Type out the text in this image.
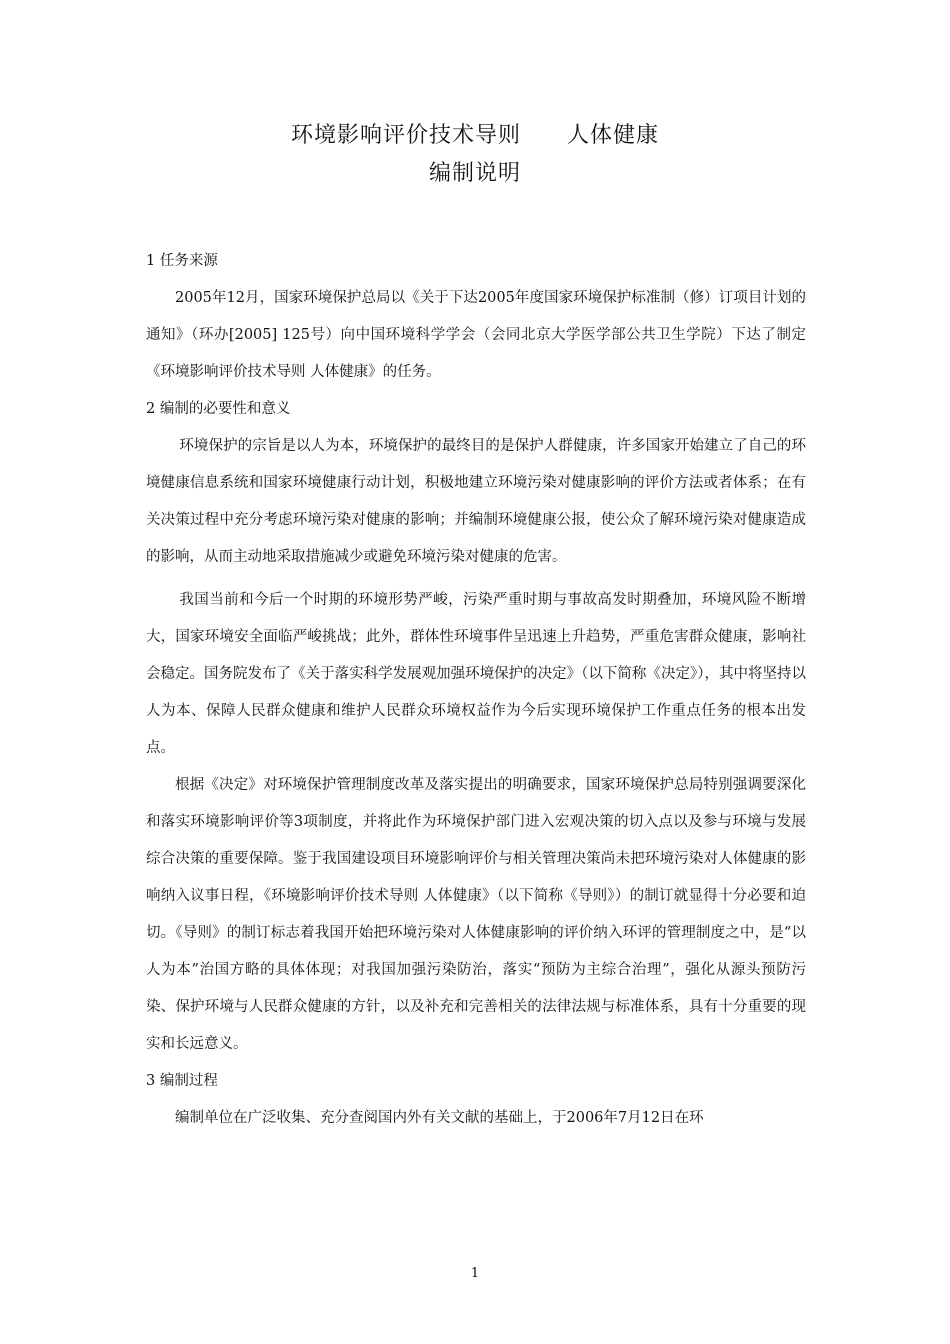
环境影响评价技术导则　　人体健康
编制说明

1 任务来源

2005年12月，国家环境保护总局以《关于下达2005年度国家环境保护标准制（修）订项目计划的通知》（环办[2005] 125号）向中国环境科学学会（会同北京大学医学部公共卫生学院）下达了制定《环境影响评价技术导则 人体健康》的任务。

2 编制的必要性和意义

环境保护的宗旨是以人为本，环境保护的最终目的是保护人群健康，许多国家开始建立了自己的环境健康信息系统和国家环境健康行动计划，积极地建立环境污染对健康影响的评价方法或者体系；在有关决策过程中充分考虑环境污染对健康的影响；并编制环境健康公报，使公众了解环境污染对健康造成的影响，从而主动地采取措施减少或避免环境污染对健康的危害。

我国当前和今后一个时期的环境形势严峻，污染严重时期与事故高发时期叠加，环境风险不断增大，国家环境安全面临严峻挑战；此外，群体性环境事件呈迅速上升趋势，严重危害群众健康，影响社会稳定。国务院发布了《关于落实科学发展观加强环境保护的决定》（以下简称《决定》），其中将坚持以人为本、保障人民群众健康和维护人民群众环境权益作为今后实现环境保护工作重点任务的根本出发点。

根据《决定》对环境保护管理制度改革及落实提出的明确要求，国家环境保护总局特别强调要深化和落实环境影响评价等3项制度，并将此作为环境保护部门进入宏观决策的切入点以及参与环境与发展综合决策的重要保障。鉴于我国建设项目环境影响评价与相关管理决策尚未把环境污染对人体健康的影响纳入议事日程，《环境影响评价技术导则 人体健康》（以下简称《导则》）的制订就显得十分必要和迫切。《导则》的制订标志着我国开始把环境污染对人体健康影响的评价纳入环评的管理制度之中，是“以人为本”治国方略的具体体现；对我国加强污染防治，落实“预防为主综合治理”，强化从源头预防污染、保护环境与人民群众健康的方针，以及补充和完善相关的法律法规与标准体系，具有十分重要的现实和长远意义。

3 编制过程

编制单位在广泛收集、充分查阅国内外有关文献的基础上，于2006年7月12日在环

1
